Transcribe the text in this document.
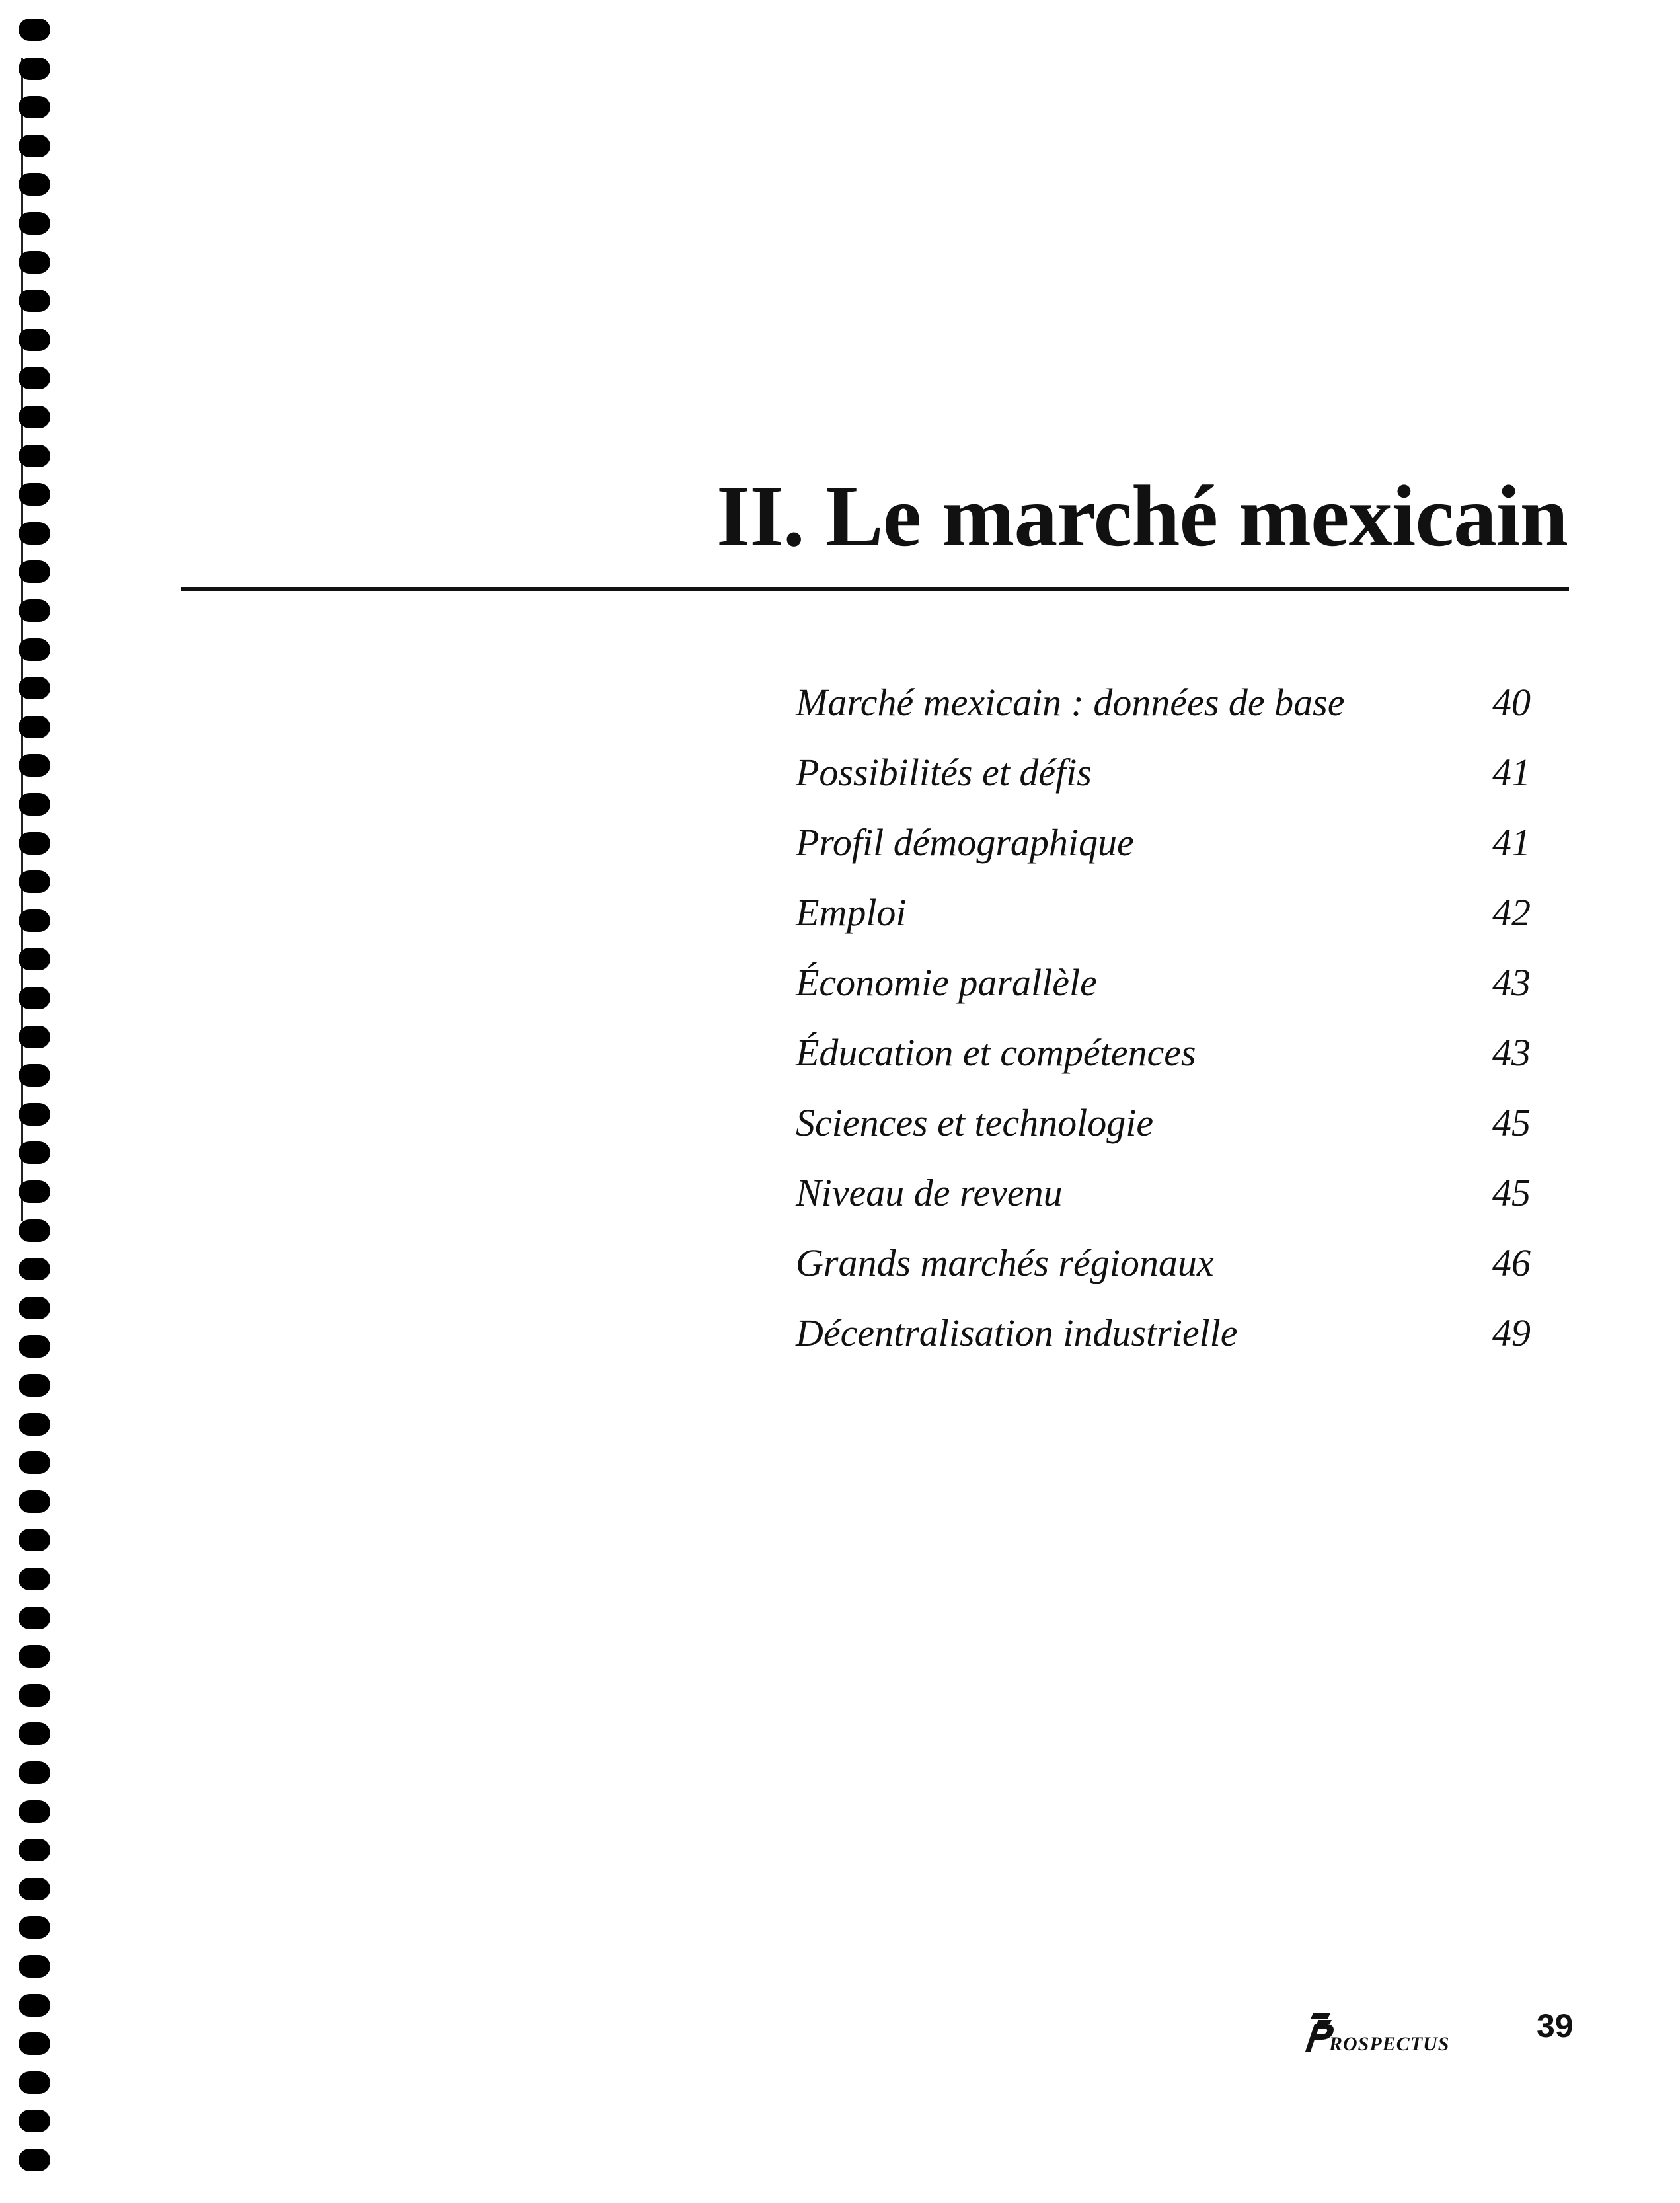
II. Le marché mexicain
Marché mexicain : données de base	40
Possibilités et défis	41
Profil démographique	41
Emploi	42
Économie parallèle	43
Éducation et compétences	43
Sciences et technologie	45
Niveau de revenu	45
Grands marchés régionaux	46
Décentralisation industrielle	49
ROSPECTUS	39
